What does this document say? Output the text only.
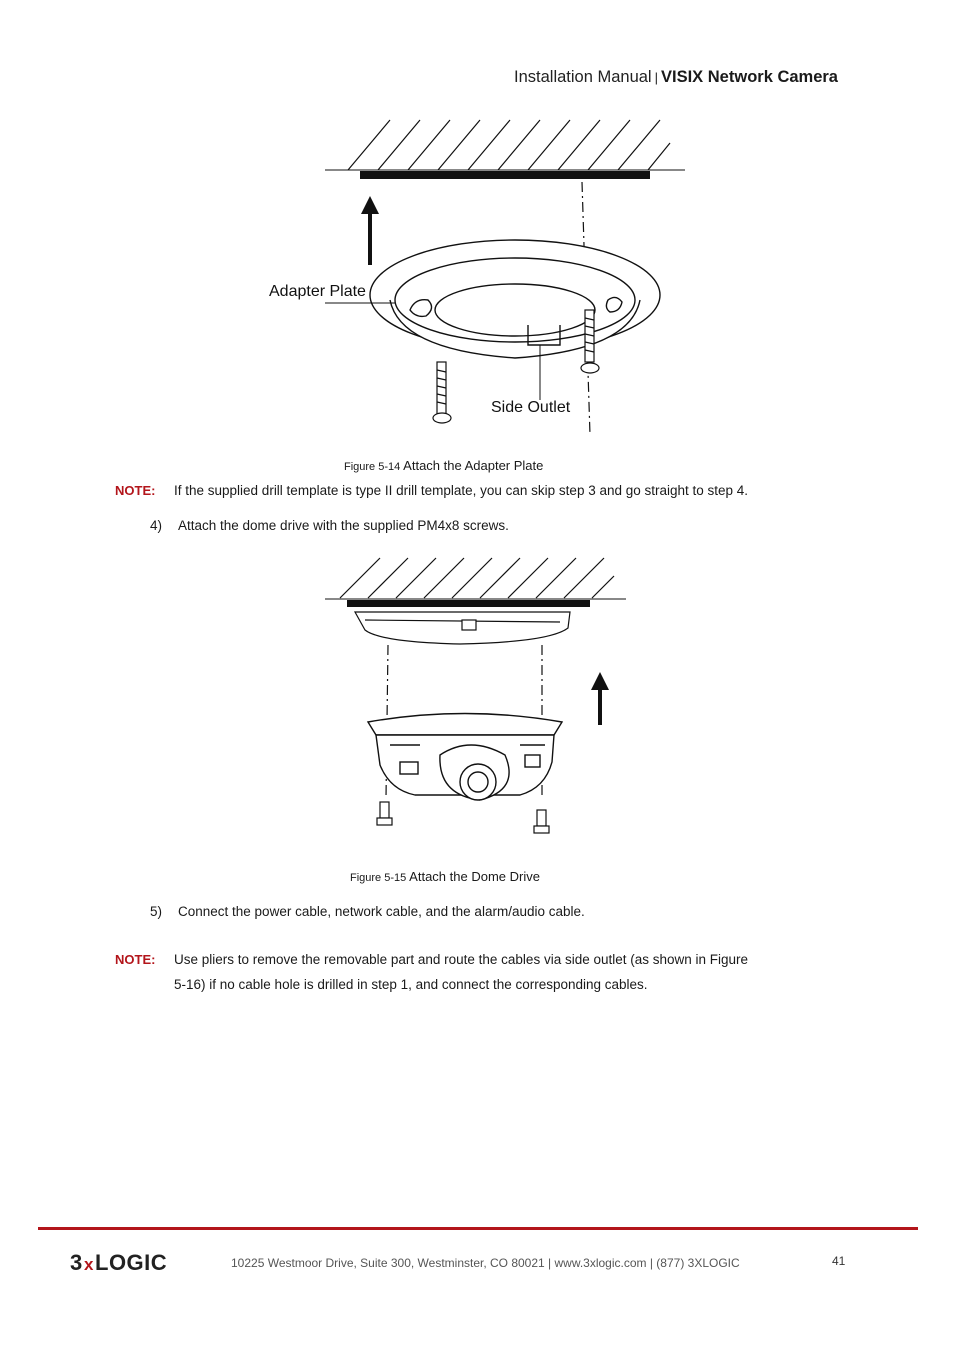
Installation Manual | VISIX Network Camera
Adapter Plate
Side Outlet
Figure 5-14 Attach the Adapter Plate
NOTE: If the supplied drill template is type II drill template, you can skip step 3 and go straight to step 4.
4) Attach the dome drive with the supplied PM4x8 screws.
Figure 5-15 Attach the Dome Drive
5) Connect the power cable, network cable, and the alarm/audio cable.
NOTE: Use pliers to remove the removable part and route the cables via side outlet (as shown in Figure
5-16) if no cable hole is drilled in step 1, and connect the corresponding cables.
3 x LOGIC	10225 Westmoor Drive, Suite 300, Westminster, CO 80021 | www.3xlogic.com | (877) 3XLOGIC	41
